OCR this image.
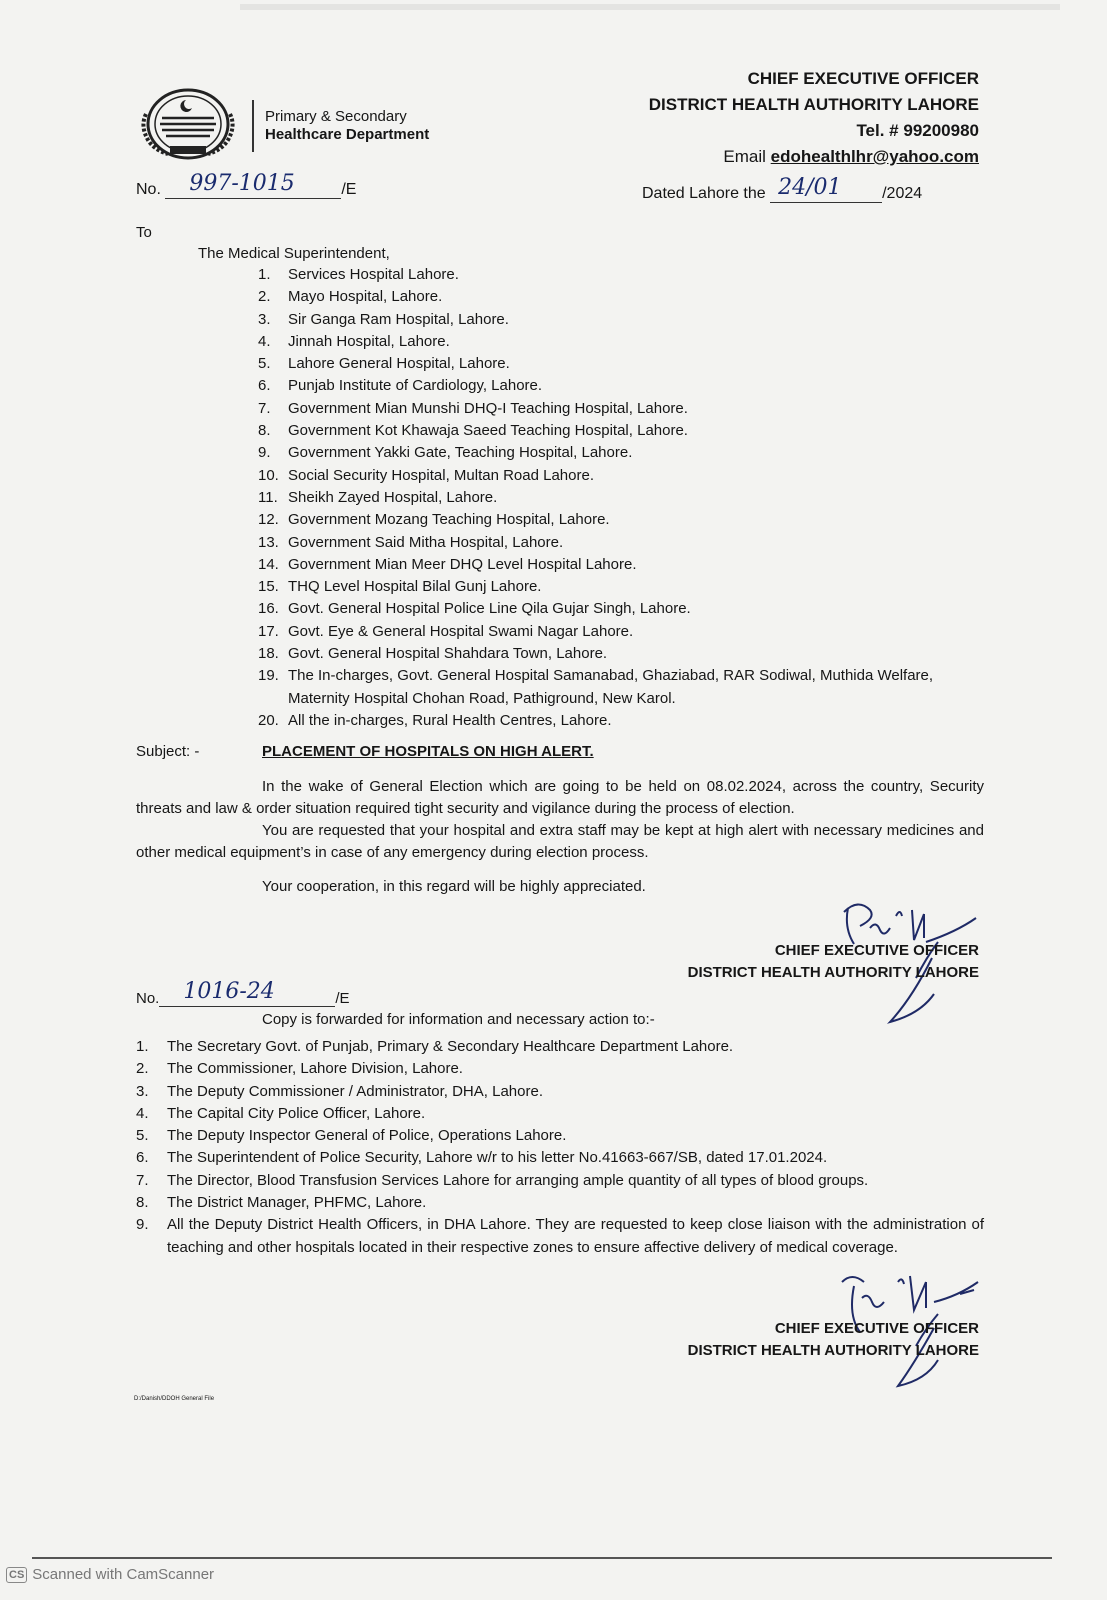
Primary & Secondary
Healthcare Department
CHIEF EXECUTIVE OFFICER
DISTRICT HEALTH AUTHORITY LAHORE
Tel. # 99200980
Email edohealthlhr@yahoo.com
No. 997-1015	/E	Dated Lahore the 24/01	/2024
To
The Medical Superintendent,
1.	Services Hospital Lahore.
2.	Mayo Hospital, Lahore.
3.	Sir Ganga Ram Hospital, Lahore.
4.	Jinnah Hospital, Lahore.
5.	Lahore General Hospital, Lahore.
6.	Punjab Institute of Cardiology, Lahore.
7.	Government Mian Munshi DHQ-I Teaching Hospital, Lahore.
8.	Government Kot Khawaja Saeed Teaching Hospital, Lahore.
9.	Government Yakki Gate, Teaching Hospital, Lahore.
10. Social Security Hospital, Multan Road Lahore.
11. Sheikh Zayed Hospital, Lahore.
12. Government Mozang Teaching Hospital, Lahore.
13. Government Said Mitha Hospital, Lahore.
14. Government Mian Meer DHQ Level Hospital Lahore.
15. THQ Level Hospital Bilal Gunj Lahore.
16. Govt. General Hospital Police Line Qila Gujar Singh, Lahore.
17. Govt. Eye & General Hospital Swami Nagar Lahore.
18. Govt. General Hospital Shahdara Town, Lahore.
19. The In-charges, Govt. General Hospital Samanabad, Ghaziabad, RAR Sodiwal, Muthida Welfare, Maternity Hospital Chohan Road, Pathiground, New Karol.
20. All the in-charges, Rural Health Centres, Lahore.
Subject: -	PLACEMENT OF HOSPITALS ON HIGH ALERT.

In the wake of General Election which are going to be held on 08.02.2024, across the country, Security threats and law & order situation required tight security and vigilance during the process of election.

You are requested that your hospital and extra staff may be kept at high alert with necessary medicines and other medical equipment’s in case of any emergency during election process.

Your cooperation, in this regard will be highly appreciated.

CHIEF EXECUTIVE OFFICER
DISTRICT HEALTH AUTHORITY LAHORE
No. 1016-24	/E
Copy is forwarded for information and necessary action to:-
1.	The Secretary Govt. of Punjab, Primary & Secondary Healthcare Department Lahore.
2.	The Commissioner, Lahore Division, Lahore.
3.	The Deputy Commissioner / Administrator, DHA, Lahore.
4.	The Capital City Police Officer, Lahore.
5.	The Deputy Inspector General of Police, Operations Lahore.
6.	The Superintendent of Police Security, Lahore w/r to his letter No.41663-667/SB, dated 17.01.2024.
7.	The Director, Blood Transfusion Services Lahore for arranging ample quantity of all types of blood groups.
8.	The District Manager, PHFMC, Lahore.
9.	All the Deputy District Health Officers, in DHA Lahore. They are requested to keep close liaison with the administration of teaching and other hospitals located in their respective zones to ensure affective delivery of medical coverage.
CHIEF EXECUTIVE OFFICER
DISTRICT HEALTH AUTHORITY LAHORE
D:/Danish/DDOH General File
CS Scanned with CamScanner
